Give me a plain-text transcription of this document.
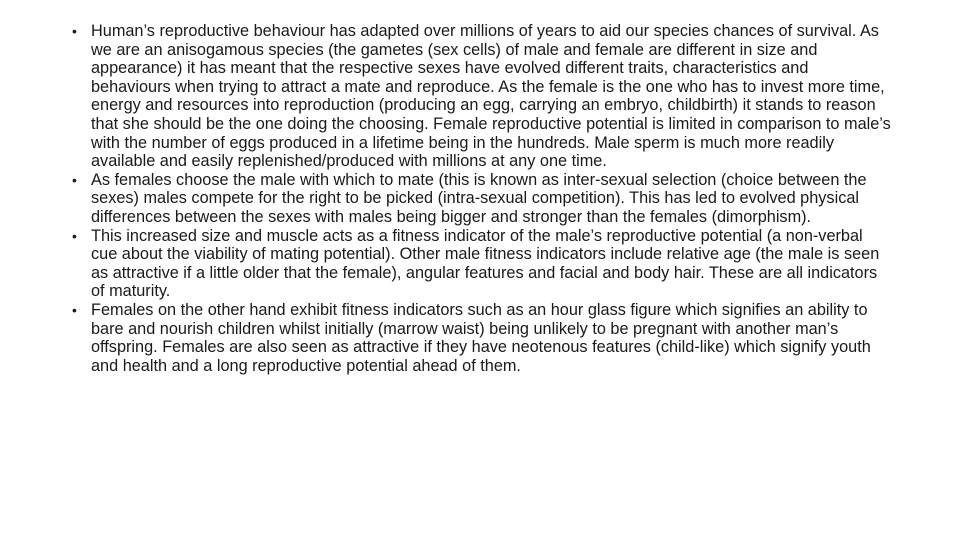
• Human’s reproductive behaviour has adapted over millions of years to aid our species chances of survival. As we are an anisogamous species (the gametes (sex cells) of male and female are different in size and appearance) it has meant that the respective sexes have evolved different traits, characteristics and behaviours when trying to attract a mate and reproduce. As the female is the one who has to invest more time, energy and resources into reproduction (producing an egg, carrying an embryo, childbirth) it stands to reason that she should be the one doing the choosing. Female reproductive potential is limited in comparison to male’s with the number of eggs produced in a lifetime being in the hundreds. Male sperm is much more readily available and easily replenished/produced with millions at any one time.
• As females choose the male with which to mate (this is known as inter-sexual selection (choice between the sexes) males compete for the right to be picked (intra-sexual competition). This has led to evolved physical differences between the sexes with males being bigger and stronger than the females (dimorphism).
• This increased size and muscle acts as a fitness indicator of the male’s reproductive potential (a non-verbal cue about the viability of mating potential). Other male fitness indicators include relative age (the male is seen as attractive if a little older that the female), angular features and facial and body hair. These are all indicators of maturity.
• Females on the other hand exhibit fitness indicators such as an hour glass figure which signifies an ability to bare and nourish children whilst initially (marrow waist) being unlikely to be pregnant with another man’s offspring. Females are also seen as attractive if they have neotenous features (child-like) which signify youth and health and a long reproductive potential ahead of them.
